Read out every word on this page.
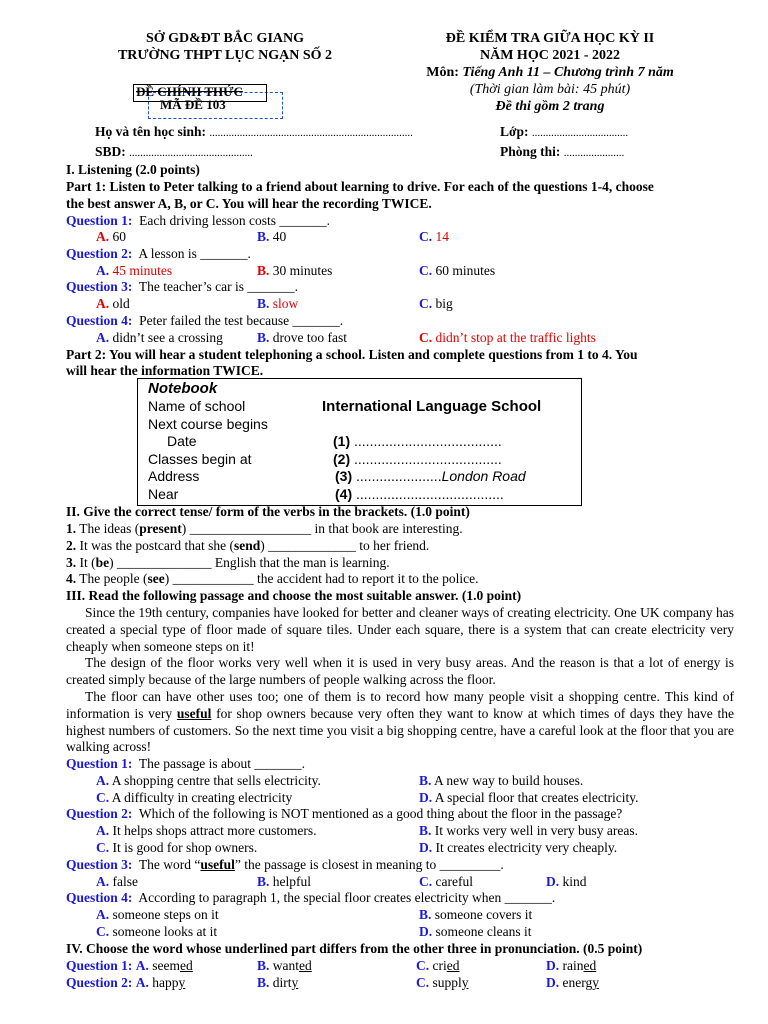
SỞ GD&ĐT BẮC GIANG
TRƯỜNG THPT LỤC NGẠN SỐ 2
ĐỀ CHÍNH THỨC
MÃ ĐỀ 103
ĐỀ KIỂM TRA GIỮA HỌC KỲ II
NĂM HỌC 2021 - 2022
Môn: Tiếng Anh 11 – Chương trình 7 năm
(Thời gian làm bài: 45 phút)
Đề thi gồm 2 trang
Họ và tên học sinh: ..........................................................................	Lớp: ...................................
SBD: .............................................	Phòng thi: ......................
I. Listening (2.0 points)
Part 1: Listen to Peter talking to a friend about learning to drive. For each of the questions 1-4, choose
the best answer A, B, or C. You will hear the recording TWICE.
Question 1: Each driving lesson costs _______.
A. 60	B. 40	C. 14
Question 2: A lesson is _______.
A. 45 minutes	B. 30 minutes	C. 60 minutes
Question 3: The teacher’s car is _______.
A. old	B. slow	C. big
Question 4: Peter failed the test because _______.
A. didn’t see a crossing	B. drove too fast	C. didn’t stop at the traffic lights
Part 2: You will hear a student telephoning a school. Listen and complete questions from 1 to 4. You
will hear the information TWICE.
Notebook
Name of school	International Language School
Next course begins
Date	(1) ......................................
Classes begin at	(2) ......................................
Address	(3) ......................London Road
Near	(4) ......................................
II. Give the correct tense/ form of the verbs in the brackets. (1.0 point)
1. The ideas (present) __________________ in that book are interesting.
2. It was the postcard that she (send) _____________ to her friend.
3. It (be) ______________ English that the man is learning.
4. The people (see) ____________ the accident had to report it to the police.
III. Read the following passage and choose the most suitable answer. (1.0 point)
Since the 19th century, companies have looked for better and cleaner ways of creating electricity. One UK company has created a special type of floor made of square tiles. Under each square, there is a system that can create electricity very cheaply when someone steps on it!
The design of the floor works very well when it is used in very busy areas. And the reason is that a lot of energy is created simply because of the large numbers of people walking across the floor.
The floor can have other uses too; one of them is to record how many people visit a shopping centre. This kind of information is very useful for shop owners because very often they want to know at which times of days they have the highest numbers of customers. So the next time you visit a big shopping centre, have a careful look at the floor that you are walking across!
Question 1: The passage is about _______.
A. A shopping centre that sells electricity.	B. A new way to build houses.
C. A difficulty in creating electricity	D. A special floor that creates electricity.
Question 2: Which of the following is NOT mentioned as a good thing about the floor in the passage?
A. It helps shops attract more customers.	B. It works very well in very busy areas.
C. It is good for shop owners.	D. It creates electricity very cheaply.
Question 3: The word “useful” the passage is closest in meaning to _________.
A. false	B. helpful	C. careful	D. kind
Question 4: According to paragraph 1, the special floor creates electricity when _______.
A. someone steps on it	B. someone covers it
C. someone looks at it	D. someone cleans it
IV. Choose the word whose underlined part differs from the other three in pronunciation. (0.5 point)
Question 1: A. seemed	B. wanted	C. cried	D. rained
Question 2: A. happy	B. dirty	C. supply	D. energy
